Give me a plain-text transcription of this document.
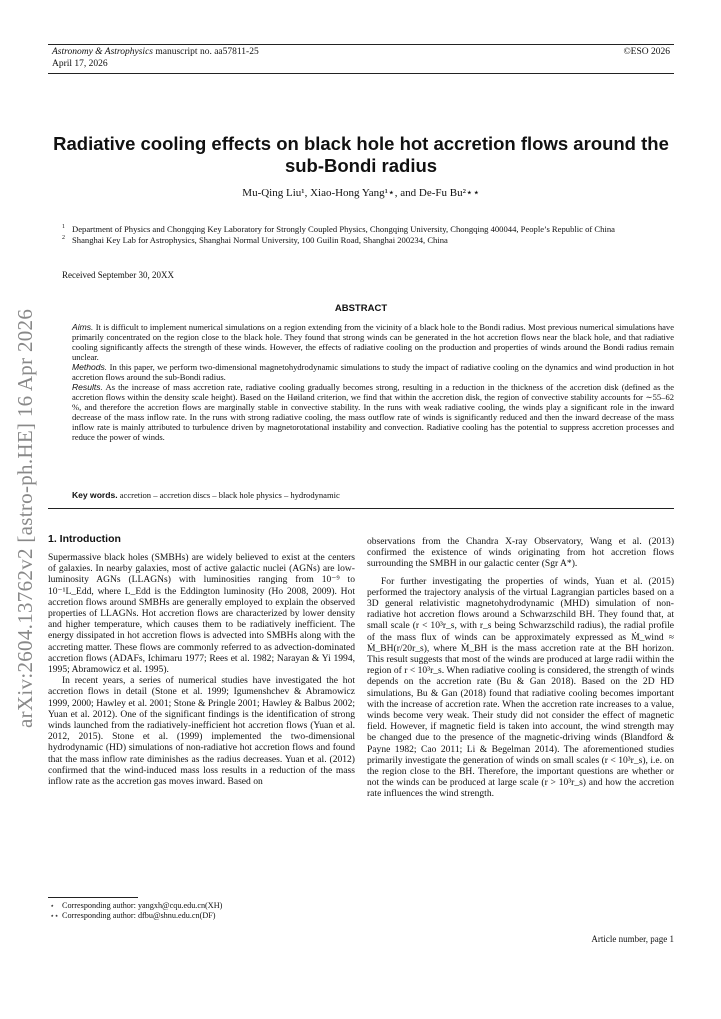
Astronomy & Astrophysics manuscript no. aa57811-25
April 17, 2026
©ESO 2026
arXiv:2604.13762v2 [astro-ph.HE] 16 Apr 2026
Radiative cooling effects on black hole hot accretion flows around the sub-Bondi radius
Mu-Qing Liu¹, Xiao-Hong Yang¹⋆, and De-Fu Bu²⋆⋆
1 Department of Physics and Chongqing Key Laboratory for Strongly Coupled Physics, Chongqing University, Chongqing 400044, People’s Republic of China
2 Shanghai Key Lab for Astrophysics, Shanghai Normal University, 100 Guilin Road, Shanghai 200234, China
Received September 30, 20XX
ABSTRACT
Aims. It is difficult to implement numerical simulations on a region extending from the vicinity of a black hole to the Bondi radius. Most previous numerical simulations have primarily concentrated on the region close to the black hole. They found that strong winds can be generated in the hot accretion flows near the black hole, and that radiative cooling significantly affects the strength of these winds. However, the effects of radiative cooling on the production and properties of winds around the Bondi radius remain unclear.
Methods. In this paper, we perform two-dimensional magnetohydrodynamic simulations to study the impact of radiative cooling on the dynamics and wind production in hot accretion flows around the sub-Bondi radius.
Results. As the increase of mass accretion rate, radiative cooling gradually becomes strong, resulting in a reduction in the thickness of the accretion disk (defined as the accretion flows within the density scale height). Based on the Høiland criterion, we find that within the accretion disk, the region of convective stability accounts for ∼55–62 %, and therefore the accretion flows are marginally stable in convective stability. In the runs with weak radiative cooling, the winds play a significant role in the inward decrease of the mass inflow rate. In the runs with strong radiative cooling, the mass outflow rate of winds is significantly reduced and then the inward decrease of the mass inflow rate is mainly attributed to turbulence driven by magnetorotational instability and convection. Radiative cooling has the potential to suppress accretion processes and reduce the power of winds.
Key words. accretion – accretion discs – black hole physics – hydrodynamic
1. Introduction

Supermassive black holes (SMBHs) are widely believed to exist at the centers of galaxies. In nearby galaxies, most of active galactic nuclei (AGNs) are low-luminosity AGNs (LLAGNs) with luminosities ranging from 10⁻⁹ to 10⁻¹L_Edd, where L_Edd is the Eddington luminosity (Ho 2008, 2009). Hot accretion flows around SMBHs are generally employed to explain the observed properties of LLAGNs. Hot accretion flows are characterized by lower density and higher temperature, which causes them to be radiatively inefficient. The energy dissipated in hot accretion flows is advected into SMBHs along with the accreting matter. These flows are commonly referred to as advection-dominated accretion flows (ADAFs, Ichimaru 1977; Rees et al. 1982; Narayan & Yi 1994, 1995; Abramowicz et al. 1995).

In recent years, a series of numerical studies have investigated the hot accretion flows in detail (Stone et al. 1999; Igumenshchev & Abramowicz 1999, 2000; Hawley et al. 2001; Stone & Pringle 2001; Hawley & Balbus 2002; Yuan et al. 2012). One of the significant findings is the identification of strong winds launched from the radiatively-inefficient hot accretion flows (Yuan et al. 2012, 2015). Stone et al. (1999) implemented the two-dimensional hydrodynamic (HD) simulations of non-radiative hot accretion flows and found that the mass inflow rate diminishes as the radius decreases. Yuan et al. (2012) confirmed that the wind-induced mass loss results in a reduction of the mass inflow rate as the accretion gas moves inward. Based on

observations from the Chandra X-ray Observatory, Wang et al. (2013) confirmed the existence of winds originating from hot accretion flows surrounding the SMBH in our galactic center (Sgr A*).

For further investigating the properties of winds, Yuan et al. (2015) performed the trajectory analysis of the virtual Lagrangian particles based on a 3D general relativistic magnetohydrodynamic (MHD) simulation of non-radiative hot accretion flows around a Schwarzschild BH. They found that, at small scale (r < 10³r_s, with r_s being Schwarzschild radius), the radial profile of the mass flux of winds can be approximately expressed as Ṁ_wind ≈ Ṁ_BH(r/20r_s), where Ṁ_BH is the mass accretion rate at the BH horizon. This result suggests that most of the winds are produced at large radii within the region of r < 10³r_s. When radiative cooling is considered, the strength of winds depends on the accretion rate (Bu & Gan 2018). Based on the 2D HD simulations, Bu & Gan (2018) found that radiative cooling becomes important with the increase of accretion rate. When the accretion rate increases to a value, winds become very weak. Their study did not consider the effect of magnetic field. However, if magnetic field is taken into account, the wind strength may be changed due to the presence of the magnetic-driving winds (Blandford & Payne 1982; Cao 2011; Li & Begelman 2014). The aforementioned studies primarily investigate the generation of winds on small scales (r < 10³r_s), i.e. on the region close to the BH. Therefore, the important questions are whether or not the winds can be produced at large scale (r > 10³r_s) and how the accretion rate influences the wind strength.

⋆ Corresponding author: yangxh@cqu.edu.cn(XH)
⋆⋆ Corresponding author: dfbu@shnu.edu.cn(DF)
Article number, page 1
